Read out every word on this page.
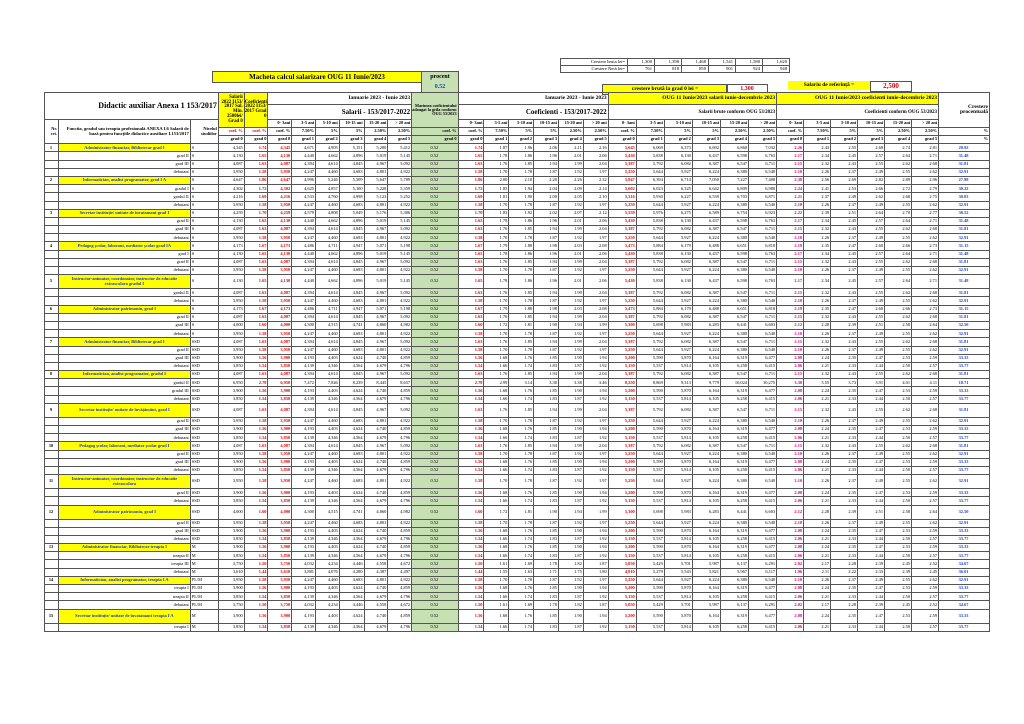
Crestere bruta lei=	1,300	1,398	1,468	1,541	1,580	1,620
Crestere Netă lei=	761	818	859	901	924	948
Macheta calcul salarizare OUG 11 Iunie/2023	procent
0.52	crestere brută la grad 0 lei =	1,300
Salariu de referință =	2,500
Didactic auxiliar Anexa 1 153/2017			Salarii 2022 I153/ 2017 Sal. Min. 2500lei/ Grad 0	Coeficienti 2022 I153/ 2017 Grad 0	Ianuarie 2023 - Iunie 2023						Marimea coeficientului adaugat la grila conform OUG 53/2023	Ianuarie 2023 - Iunie 2023						OUG 11 Iunie/2023 salarii iunie-decembrie 2023						OUG 11 Iunie/2023 coeficienti iunie-decembrie 2023						Crestere procentuală
					Salarii - 153/2017-2022							Coeficienti - 153/2017-2022						Salarii brute conform OUG 53/2023						Coeficienti conform OUG 53/2023						
Nr. crt.	Functia, gradul sau treapta profesională ANEXA I.6 Salarii de bază pentru funcțiile didactice auxiliare I.153/2017	Nivelul studiilor			0- 3ani	3-5 ani	5-10 ani	10-15 ani	15-20 ani	> 20 ani		0- 3ani	3-5 ani	5-10 ani	10-15 ani	15-20 ani	> 20 ani	0- 3ani	3-5 ani	5-10 ani	10-15 ani	15-20 ani	> 20 ani	0- 3ani	3-5 ani	5-10 ani	10-15 ani	15-20 ani	> 20 ani	
			coef. %	coef. %	coef. %	7.50%	5%	5%	2.50%	2.50%	coef. %	coef. %	7.50%	5%	5%	2.50%	2.50%	coef. %	7.50%	5%	5%	2.50%	2.50%	coef. %	7.50%	5%	5%	2.50%	2.50%	%
			grad 0	grad 0	grad 0	grad 1	grad 2	grad 3	grad 4	grad 5	grad 0	grad 0	grad 1	grad 2	grad 3	grad 4	grad 5	grad 0	grad 1	grad 2	grad 3	grad 4	grad 5	grad 0	grad 1	grad 2	grad 3	grad 4	grad 5	%
1	Administrator financiar, Bibliotecar grad I	S	4,345	1.74	4,345	4,671	4,905	5,151	5,280	5,412	0.52	1.74	1.87	1.96	2.06	2.11	2.16	5,645	6,069	6,373	6,692	6,860	7,032	2.26	2.43	2.55	2.68	2.74	2.81	29.92
	grad II	S	4,130	1.65	4,130	4,440	4,662	4,896	5,019	5,145	0.52	1.65	1.78	1.86	1.96	2.01	2.06	5,430	5,838	6,130	6,437	6,598	6,763	2.17	2.34	2.45	2.57	2.64	2.71	31.48
	grad III	S	4,087	1.63	4,087	4,394	4,614	4,845	4,967	5,092	0.52	1.63	1.76	1.85	1.94	1.99	2.04	5,387	5,792	6,082	6,387	6,547	6,711	2.15	2.32	2.43	2.55	2.62	2.68	31.81
	debutant	S	3,950	1.58	3,950	4,247	4,460	4,683	4,801	4,922	0.52	1.58	1.70	1.78	1.87	1.92	1.97	5,250	5,644	5,927	6,224	6,380	6,540	2.10	2.26	2.37	2.49	2.55	2.62	32.91
2	Informatician, analist programator, grad I A	S	4,647	1.86	4,647	4,996	5,246	5,509	5,647	5,789	0.52	1.86	2.00	2.10	2.20	2.26	2.32	5,947	6,394	6,714	7,050	7,227	7,408	2.38	2.56	2.69	2.82	2.89	2.96	27.98
	gradul I	S	4,302	1.72	4,302	4,625	4,857	5,100	5,228	5,359	0.52	1.72	1.85	1.94	2.04	2.09	2.14	5,602	6,023	6,325	6,642	6,809	6,980	2.24	2.41	2.53	2.66	2.72	2.79	30.22
	gradul II	S	4,216	1.69	4,216	4,533	4,760	4,998	5,123	5,252	0.52	1.69	1.81	1.90	2.00	2.05	2.10	5,516	5,930	6,227	6,539	6,703	6,871	2.21	2.37	2.49	2.62	2.68	2.75	30.83
	debutant	S	3,950	1.58	3,950	4,247	4,460	4,683	4,801	4,922	0.52	1.58	1.70	1.78	1.87	1.92	1.97	5,250	5,644	5,927	6,224	6,380	6,540	2.10	2.26	2.37	2.49	2.55	2.62	32.91
3	Secretar instituție/ unitate de învatamant grad I	S	4,259	1.70	4,259	4,579	4,808	5,049	5,176	5,306	0.52	1.70	1.83	1.92	2.02	2.07	2.12	5,559	5,976	6,275	6,589	6,754	6,923	2.22	2.39	2.51	2.64	2.70	2.77	30.52
	grad II	S	4,130	1.65	4,130	4,440	4,662	4,896	5,019	5,145	0.52	1.65	1.78	1.86	1.96	2.01	2.06	5,430	5,838	6,130	6,437	6,598	6,763	2.17	2.34	2.45	2.57	2.64	2.71	31.48
	grad III	S	4,087	1.63	4,087	4,394	4,614	4,845	4,967	5,092	0.52	1.63	1.76	1.85	1.94	1.99	2.04	5,387	5,792	6,082	6,387	6,547	6,711	2.15	2.32	2.43	2.55	2.62	2.68	31.81
	debutant	S	3,950	1.58	3,950	4,247	4,460	4,683	4,801	4,922	0.52	1.58	1.70	1.78	1.87	1.92	1.97	5,250	5,644	5,927	6,224	6,380	6,540	2.10	2.26	2.37	2.49	2.55	2.62	32.91
4	Pedagog școlar, laborant, mediator școlar grad IA	S	4,173	1.67	4,173	4,486	4,711	4,947	5,071	5,198	0.52	1.67	1.79	1.88	1.98	2.03	2.08	5,473	5,884	6,179	6,488	6,651	6,818	2.19	2.35	2.47	2.60	2.66	2.73	31.15
	grad I	S	4,130	1.65	4,130	4,440	4,662	4,896	5,019	5,145	0.52	1.65	1.78	1.86	1.96	2.01	2.06	5,430	5,838	6,130	6,437	6,598	6,763	2.17	2.34	2.45	2.57	2.64	2.71	31.48
	grad II	S	4,087	1.63	4,087	4,394	4,614	4,845	4,967	5,092	0.52	1.63	1.76	1.85	1.94	1.99	2.04	5,387	5,792	6,082	6,387	6,547	6,711	2.15	2.32	2.43	2.55	2.62	2.68	31.81
	debutant	S	3,950	1.58	3,950	4,247	4,460	4,683	4,801	4,922	0.52	1.58	1.70	1.78	1.87	1.92	1.97	5,250	5,644	5,927	6,224	6,380	6,540	2.10	2.26	2.37	2.49	2.55	2.62	32.91
5	Instructor-animator, coordonator, instructor de educatie extrascolara gradul I	S	4,130	1.65	4,130	4,440	4,662	4,896	5,019	5,145	0.52	1.65	1.78	1.86	1.96	2.01	2.06	5,430	5,838	6,130	6,437	6,598	6,763	2.17	2.34	2.45	2.57	2.64	2.71	31.48
	gradul II	S	4,087	1.63	4,087	4,394	4,614	4,845	4,967	5,092	0.52	1.63	1.76	1.85	1.94	1.99	2.04	5,387	5,792	6,082	6,387	6,547	6,711	2.15	2.32	2.43	2.55	2.62	2.68	31.81
	debutant	S	3,950	1.58	3,950	4,247	4,460	4,683	4,801	4,922	0.52	1.58	1.70	1.78	1.87	1.92	1.97	5,250	5,644	5,927	6,224	6,380	6,540	2.10	2.26	2.37	2.49	2.55	2.62	32.91
6	Administrator patrimoniu, grad I	S	4,173	1.67	4,173	4,486	4,711	4,947	5,071	5,198	0.52	1.67	1.79	1.88	1.98	2.03	2.08	5,473	5,884	6,179	6,488	6,651	6,818	2.19	2.35	2.47	2.60	2.66	2.73	31.15
	grad II	S	4,087	1.63	4,087	4,394	4,614	4,845	4,967	5,092	0.52	1.63	1.76	1.85	1.94	1.99	2.04	5,387	5,792	6,082	6,387	6,547	6,711	2.15	2.32	2.43	2.55	2.62	2.68	31.81
	grad III	S	4,000	1.60	4,000	4,300	4,515	4,741	4,860	4,982	0.52	1.60	1.72	1.81	1.90	1.94	1.99	5,300	5,698	5,983	6,283	6,441	6,603	2.12	2.28	2.39	2.51	2.58	2.64	32.50
	debutant	S	3,950	1.58	3,950	4,247	4,460	4,683	4,801	4,922	0.52	1.58	1.70	1.78	1.87	1.92	1.97	5,250	5,644	5,927	6,224	6,380	6,540	2.10	2.26	2.37	2.49	2.55	2.62	32.91
7	Administrator financiar, Bibliotecar grad I	SSD	4,087	1.63	4,087	4,394	4,614	4,845	4,967	5,092	0.52	1.63	1.76	1.85	1.94	1.99	2.04	5,387	5,792	6,082	6,387	6,547	6,711	2.15	2.32	2.43	2.55	2.62	2.68	31.81
	grad II	SSD	3,950	1.58	3,950	4,247	4,460	4,683	4,801	4,922	0.52	1.58	1.70	1.78	1.87	1.92	1.97	5,250	5,644	5,927	6,224	6,380	6,540	2.10	2.26	2.37	2.49	2.55	2.62	32.91
	grad III	SSD	3,900	1.56	3,900	4,193	4,403	4,624	4,740	4,859	0.52	1.56	1.68	1.76	1.85	1.90	1.94	5,200	5,590	5,870	6,164	6,319	6,477	2.08	2.24	2.35	2.47	2.53	2.59	33.33
	debutant	SSD	3,850	1.54	3,850	4,139	4,346	4,564	4,679	4,796	0.52	1.54	1.66	1.74	1.83	1.87	1.92	5,150	5,537	5,814	6,105	6,258	6,415	2.06	2.21	2.33	2.44	2.50	2.57	33.77
8	Informatician, analist programator, gradul I	SSD	4,087	1.63	4,087	4,394	4,614	4,845	4,967	5,092	0.52	1.63	1.76	1.85	1.94	1.99	2.04	5,387	5,792	6,082	6,387	6,547	6,711	2.15	2.32	2.43	2.55	2.62	2.68	31.81
	gradul II	SSD	6,950	2.78	6,950	7,472	7,846	8,239	8,445	8,657	0.52	2.78	2.99	3.14	3.30	3.38	3.46	8,250	8,869	9,313	9,779	10,024	10,275	3.30	3.55	3.73	3.91	4.01	4.11	18.71
	gradul III	SSD	3,900	1.56	3,900	4,193	4,403	4,624	4,740	4,859	0.52	1.56	1.68	1.76	1.85	1.90	1.94	5,200	5,590	5,870	6,164	6,319	6,477	2.08	2.24	2.35	2.47	2.53	2.59	33.33
	debutant	SSD	3,850	1.54	3,850	4,139	4,346	4,564	4,679	4,796	0.52	1.54	1.66	1.74	1.83	1.87	1.92	5,150	5,537	5,814	6,105	6,258	6,415	2.06	2.21	2.33	2.44	2.50	2.57	33.77
9	Secretar instituție/ unitate de învățământ, grad I	SSD	4,087	1.63	4,087	4,394	4,614	4,845	4,967	5,092	0.52	1.63	1.76	1.85	1.94	1.99	2.04	5,387	5,792	6,082	6,387	6,547	6,711	2.15	2.32	2.43	2.55	2.62	2.68	31.81
	grad II	SSD	3,950	1.58	3,950	4,247	4,460	4,683	4,801	4,922	0.52	1.58	1.70	1.78	1.87	1.92	1.97	5,250	5,644	5,927	6,224	6,380	6,540	2.10	2.26	2.37	2.49	2.55	2.62	32.91
	grad III	SSD	3,900	1.56	3,900	4,193	4,403	4,624	4,740	4,859	0.52	1.56	1.68	1.76	1.85	1.90	1.94	5,200	5,590	5,870	6,164	6,319	6,477	2.08	2.24	2.35	2.47	2.53	2.59	33.33
	debutant	SSD	3,850	1.54	3,850	4,139	4,346	4,564	4,679	4,796	0.52	1.54	1.66	1.74	1.83	1.87	1.92	5,150	5,537	5,814	6,105	6,258	6,415	2.06	2.21	2.33	2.44	2.50	2.57	33.77
10	Pedagog școlar, laborant, mediator școlar grad I	SSD	4,087	1.63	4,087	4,394	4,614	4,845	4,967	5,092	0.52	1.63	1.76	1.85	1.94	1.99	2.04	5,387	5,792	6,082	6,387	6,547	6,711	2.15	2.32	2.43	2.55	2.62	2.68	31.81
	grad II	SSD	3,950	1.58	3,950	4,247	4,460	4,683	4,801	4,922	0.52	1.58	1.70	1.78	1.87	1.92	1.97	5,250	5,644	5,927	6,224	6,380	6,540	2.10	2.26	2.37	2.49	2.55	2.62	32.91
	grad III	SSD	3,900	1.56	3,900	4,193	4,403	4,624	4,740	4,859	0.52	1.56	1.68	1.76	1.85	1.90	1.94	5,200	5,590	5,870	6,164	6,319	6,477	2.08	2.24	2.35	2.47	2.53	2.59	33.33
	debutant	SSD	3,850	1.54	3,850	4,139	4,346	4,564	4,679	4,796	0.52	1.54	1.66	1.74	1.83	1.87	1.92	5,150	5,537	5,814	6,105	6,258	6,415	2.06	2.21	2.33	2.44	2.50	2.57	33.77
11	Instructor-animator, coordonator, instructor de educatie extrascolara	SSD	3,950	1.58	3,950	4,247	4,460	4,683	4,801	4,922	0.52	1.58	1.70	1.78	1.87	1.92	1.97	5,250	5,644	5,927	6,224	6,380	6,540	2.10	2.26	2.37	2.49	2.55	2.62	32.91
	grad II	SSD	3,900	1.56	3,900	4,193	4,403	4,624	4,740	4,859	0.52	1.56	1.68	1.76	1.85	1.90	1.94	5,200	5,590	5,870	6,164	6,319	6,477	2.08	2.24	2.35	2.47	2.53	2.59	33.33
	debutant	SSD	3,850	1.54	3,850	4,139	4,346	4,564	4,679	4,796	0.52	1.54	1.66	1.74	1.83	1.87	1.92	5,150	5,537	5,814	6,105	6,258	6,415	2.06	2.21	2.33	2.44	2.50	2.57	33.77
12	Administrator patrimoniu, grad I	SSD	4,000	1.60	4,000	4,300	4,515	4,741	4,860	4,982	0.52	1.60	1.72	1.81	1.90	1.94	1.99	5,300	5,698	5,983	6,283	6,441	6,603	2.12	2.28	2.39	2.51	2.58	2.64	32.50
	grad II	SSD	3,950	1.58	3,950	4,247	4,460	4,683	4,801	4,922	0.52	1.58	1.70	1.78	1.87	1.92	1.97	5,250	5,644	5,927	6,224	6,380	6,540	2.10	2.26	2.37	2.49	2.55	2.62	32.91
	grad III	SSD	3,900	1.56	3,900	4,193	4,403	4,624	4,740	4,859	0.52	1.56	1.68	1.76	1.85	1.90	1.94	5,200	5,590	5,870	6,164	6,319	6,477	2.08	2.24	2.35	2.47	2.53	2.59	33.33
	debutant	SSD	3,850	1.54	3,850	4,139	4,346	4,564	4,679	4,796	0.52	1.54	1.66	1.74	1.83	1.87	1.92	5,150	5,537	5,814	6,105	6,258	6,415	2.06	2.21	2.33	2.44	2.50	2.57	33.77
13	Administrator financiar, Bibliotecar treapta I	M	3,900	1.56	3,900	4,193	4,403	4,624	4,740	4,859	0.52	1.56	1.68	1.76	1.85	1.90	1.94	5,200	5,590	5,870	6,164	6,319	6,477	2.08	2.24	2.35	2.47	2.53	2.59	33.33
	treapta II	M	3,850	1.54	3,850	4,139	4,346	4,564	4,679	4,796	0.52	1.54	1.66	1.74	1.83	1.87	1.92	5,150	5,537	5,814	6,105	6,258	6,415	2.06	2.21	2.33	2.44	2.50	2.57	33.77
	treapta III	M	3,750	1.50	3,750	4,032	4,234	4,446	4,558	4,672	0.52	1.50	1.61	1.69	1.78	1.82	1.87	5,050	5,429	5,701	5,987	6,137	6,291	2.02	2.17	2.28	2.39	2.45	2.52	34.67
	debutant	M	3,610	1.44	3,610	3,881	4,076	4,280	4,387	4,497	0.52	1.44	1.55	1.63	1.71	1.75	1.80	4,910	5,279	5,543	5,821	5,967	6,117	1.96	2.11	2.22	2.33	2.39	2.45	36.01
14	Informatician, analist programator, treapta I A	PL/M	3,950	1.58	3,950	4,247	4,460	4,683	4,801	4,922	0.52	1.58	1.70	1.78	1.87	1.92	1.97	5,250	5,644	5,927	6,224	6,380	6,540	2.10	2.26	2.37	2.49	2.55	2.62	32.91
	treapta I	PL/M	3,900	1.56	3,900	4,193	4,403	4,624	4,740	4,859	0.52	1.56	1.68	1.76	1.85	1.90	1.94	5,200	5,590	5,870	6,164	6,319	6,477	2.08	2.24	2.35	2.47	2.53	2.59	33.33
	treapta II	PL/M	3,850	1.54	3,850	4,139	4,346	4,564	4,679	4,796	0.52	1.54	1.66	1.74	1.83	1.87	1.92	5,150	5,537	5,814	6,105	6,258	6,415	2.06	2.21	2.33	2.44	2.50	2.57	33.77
	debutant	PL/M	3,750	1.50	3,750	4,032	4,234	4,446	4,558	4,672	0.52	1.50	1.61	1.69	1.78	1.82	1.87	5,050	5,429	5,701	5,987	6,137	6,291	2.02	2.17	2.28	2.39	2.45	2.52	34.67
15	Secretar instituție/ unitate de învatamant treapta I A	M	3,900	1.56	3,900	4,193	4,403	4,624	4,740	4,859	0.52	1.56	1.68	1.76	1.85	1.90	1.94	5,200	5,590	5,870	6,164	6,319	6,477	2.08	2.24	2.35	2.47	2.53	2.59	33.33
	treapta I	M	3,850	1.54	3,850	4,139	4,346	4,564	4,679	4,796	0.52	1.54	1.66	1.74	1.83	1.87	1.92	5,150	5,537	5,814	6,105	6,258	6,415	2.06	2.21	2.33	2.44	2.50	2.57	33.77
